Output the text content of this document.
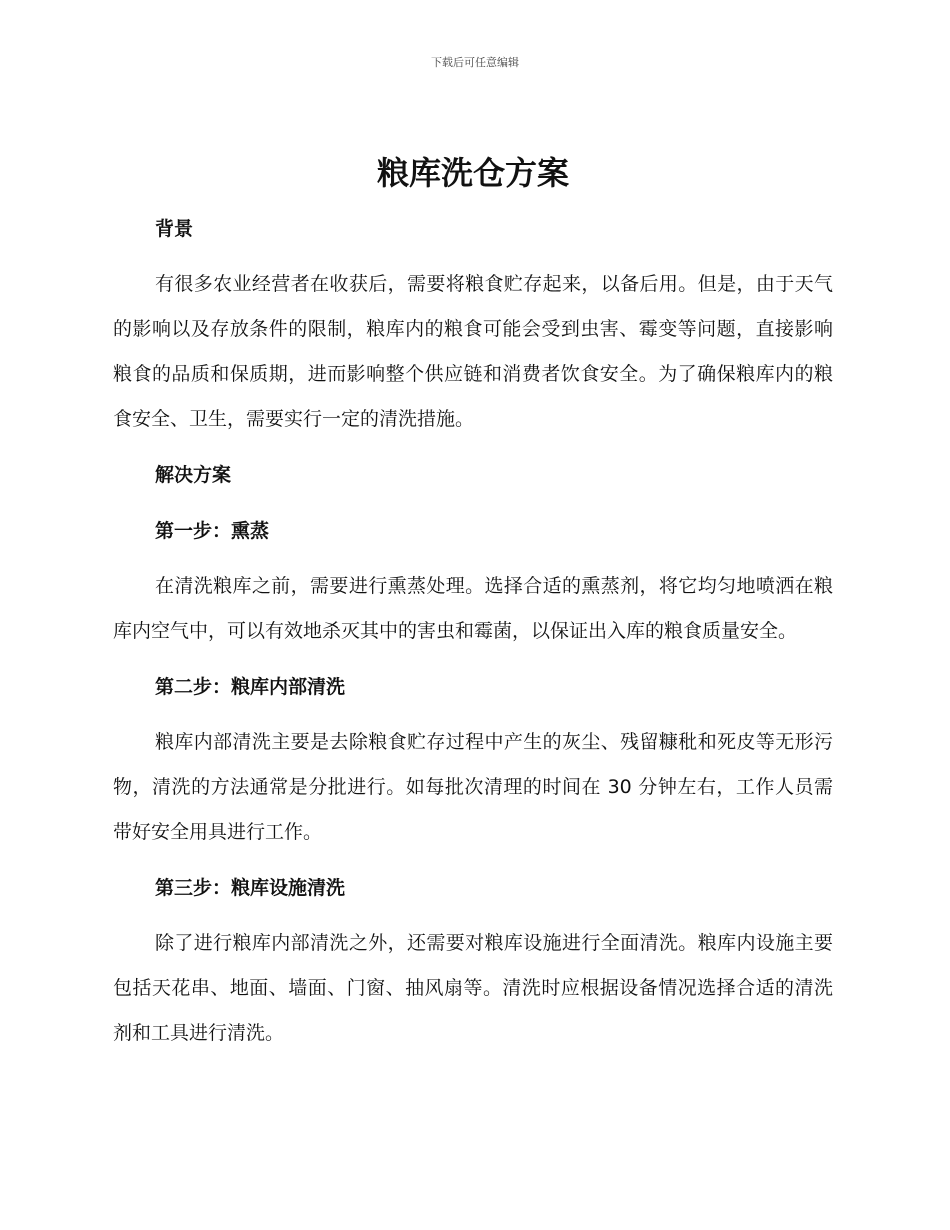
下载后可任意编辑
粮库洗仓方案
背景

有很多农业经营者在收获后，需要将粮食贮存起来，以备后用。但是，由于天气的影响以及存放条件的限制，粮库内的粮食可能会受到虫害、霉变等问题，直接影响粮食的品质和保质期，进而影响整个供应链和消费者饮食安全。为了确保粮库内的粮食安全、卫生，需要实行一定的清洗措施。

解决方案
第一步：熏蒸

在清洗粮库之前，需要进行熏蒸处理。选择合适的熏蒸剂，将它均匀地喷洒在粮库内空气中，可以有效地杀灭其中的害虫和霉菌，以保证出入库的粮食质量安全。

第二步：粮库内部清洗

粮库内部清洗主要是去除粮食贮存过程中产生的灰尘、残留糠秕和死皮等无形污物，清洗的方法通常是分批进行。如每批次清理的时间在 30 分钟左右，工作人员需带好安全用具进行工作。

第三步：粮库设施清洗

除了进行粮库内部清洗之外，还需要对粮库设施进行全面清洗。粮库内设施主要包括天花串、地面、墙面、门窗、抽风扇等。清洗时应根据设备情况选择合适的清洗剂和工具进行清洗。
